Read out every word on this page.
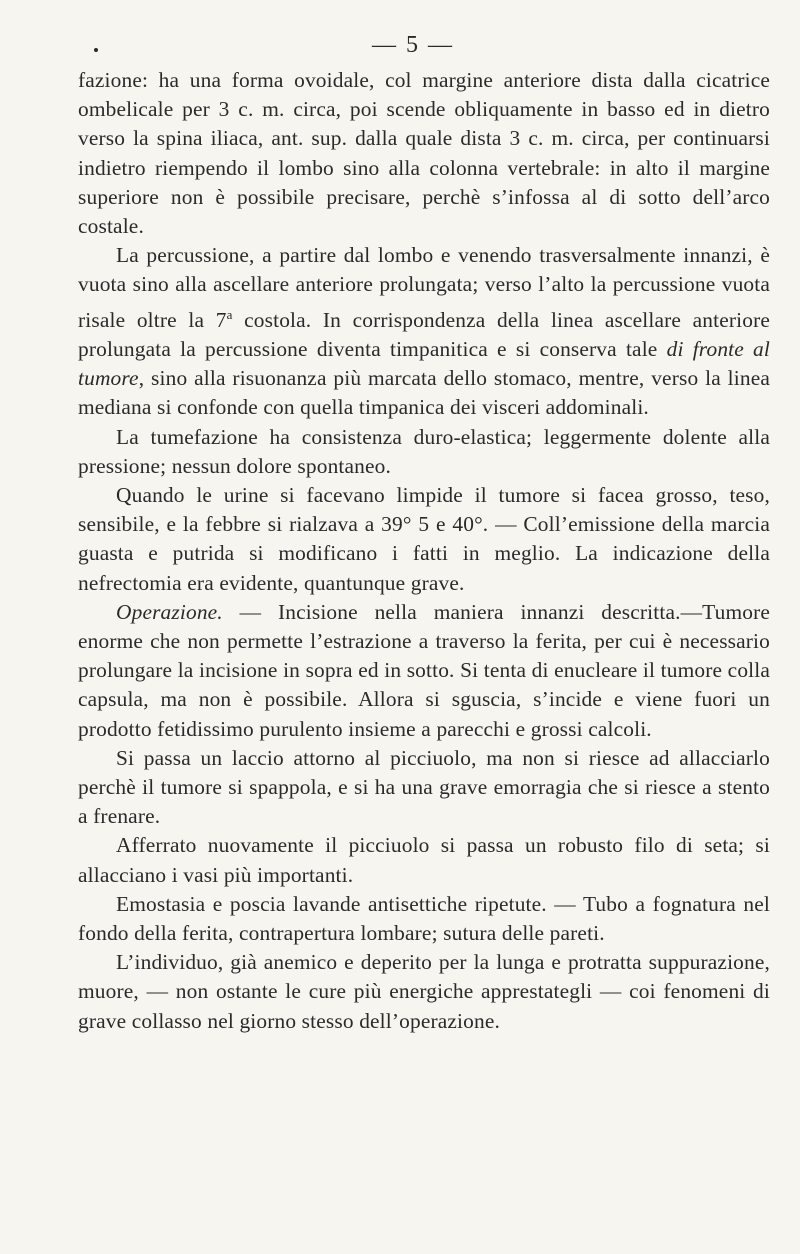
— 5 —

fazione: ha una forma ovoidale, col margine anteriore dista dalla cicatrice ombelicale per 3 c. m. circa, poi scende obliquamente in basso ed in dietro verso la spina iliaca, ant. sup. dalla quale dista 3 c. m. circa, per continuarsi indietro riempendo il lombo sino alla colonna vertebrale: in alto il margine superiore non è possibile precisare, perchè s’infossa al di sotto dell’arco costale.

La percussione, a partire dal lombo e venendo trasversalmente innanzi, è vuota sino alla ascellare anteriore prolungata; verso l’alto la percussione vuota risale oltre la 7$^a$ costola. In corrispondenza della linea ascellare anteriore prolungata la percussione diventa timpanitica e si conserva tale di fronte al tumore, sino alla risuonanza più marcata dello stomaco, mentre, verso la linea mediana si confonde con quella timpanica dei visceri addominali.

La tumefazione ha consistenza duro-elastica; leggermente dolente alla pressione; nessun dolore spontaneo.

Quando le urine si facevano limpide il tumore si facea grosso, teso, sensibile, e la febbre si rialzava a 39° 5 e 40°. — Coll’emissione della marcia guasta e putrida si modificano i fatti in meglio. La indicazione della nefrectomia era evidente, quantunque grave.

Operazione. — Incisione nella maniera innanzi descritta.—Tumore enorme che non permette l’estrazione a traverso la ferita, per cui è necessario prolungare la incisione in sopra ed in sotto. Si tenta di enucleare il tumore colla capsula, ma non è possibile. Allora si sguscia, s’incide e viene fuori un prodotto fetidissimo purulento insieme a parecchi e grossi calcoli.

Si passa un laccio attorno al picciuolo, ma non si riesce ad allacciarlo perchè il tumore si spappola, e si ha una grave emorragia che si riesce a stento a frenare.

Afferrato nuovamente il picciuolo si passa un robusto filo di seta; si allacciano i vasi più importanti.

Emostasia e poscia lavande antisettiche ripetute. — Tubo a fognatura nel fondo della ferita, contrapertura lombare; sutura delle pareti.

L’individuo, già anemico e deperito per la lunga e protratta suppurazione, muore, — non ostante le cure più energiche apprestategli — coi fenomeni di grave collasso nel giorno stesso dell’operazione.
